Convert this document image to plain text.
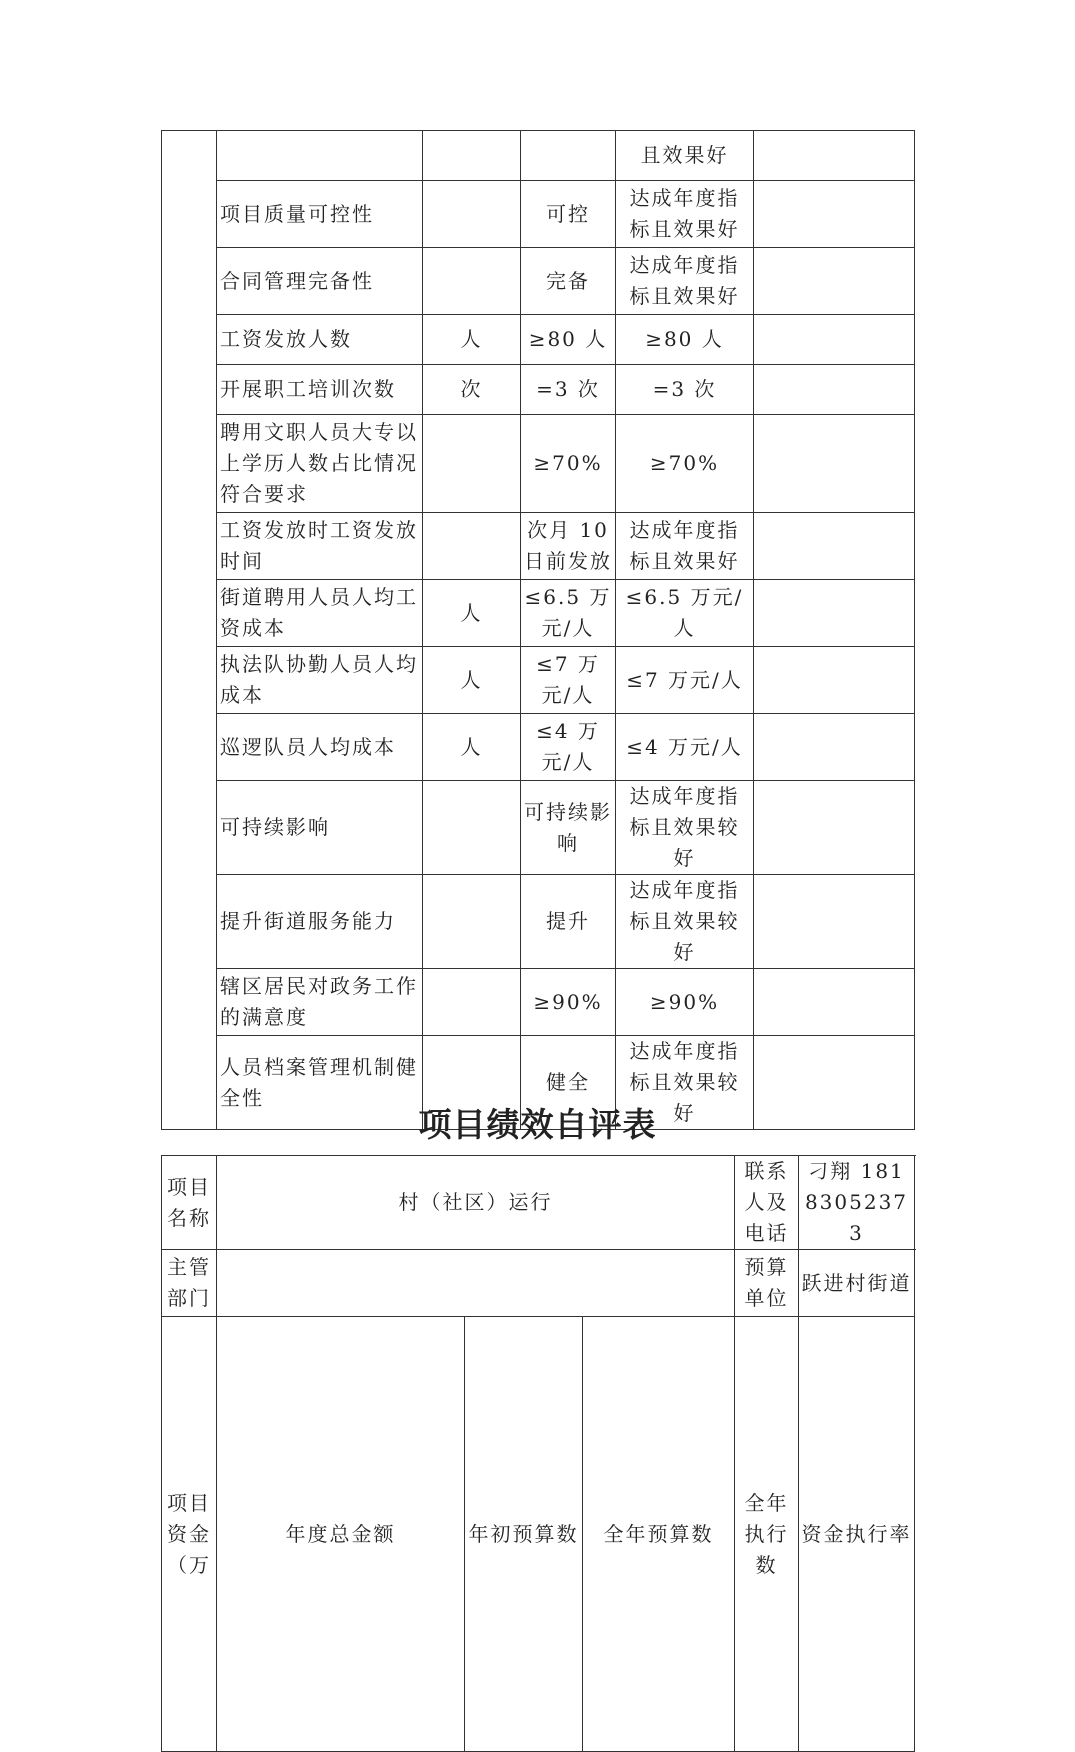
				且效果好	
	项目质量可控性		可控	达成年度指标且效果好	
	合同管理完备性		完备	达成年度指标且效果好	
	工资发放人数	人	≥80 人	≥80 人	
	开展职工培训次数	次	=3 次	=3 次	
	聘用文职人员大专以上学历人数占比情况符合要求		≥70%	≥70%	
	工资发放时工资发放时间		次月 10 日前发放	达成年度指标且效果好	
	街道聘用人员人均工资成本	人	≤6.5 万元/人	≤6.5 万元/人	
	执法队协勤人员人均成本	人	≤7 万元/人	≤7 万元/人	
	巡逻队员人均成本	人	≤4 万元/人	≤4 万元/人	
	可持续影响		可持续影响	达成年度指标且效果较好	
	提升街道服务能力		提升	达成年度指标且效果较好	
	辖区居民对政务工作的满意度		≥90%	≥90%	
	人员档案管理机制健全性		健全	达成年度指标且效果较好	
项目绩效自评表
项目名称	村（社区）运行			联系人及电话	刁翔 18183052373	
主管部门				预算单位	跃进村街道	
项目资金（万	年度总金额	年初预算数	全年预算数	全年执行数	资金执行率	
